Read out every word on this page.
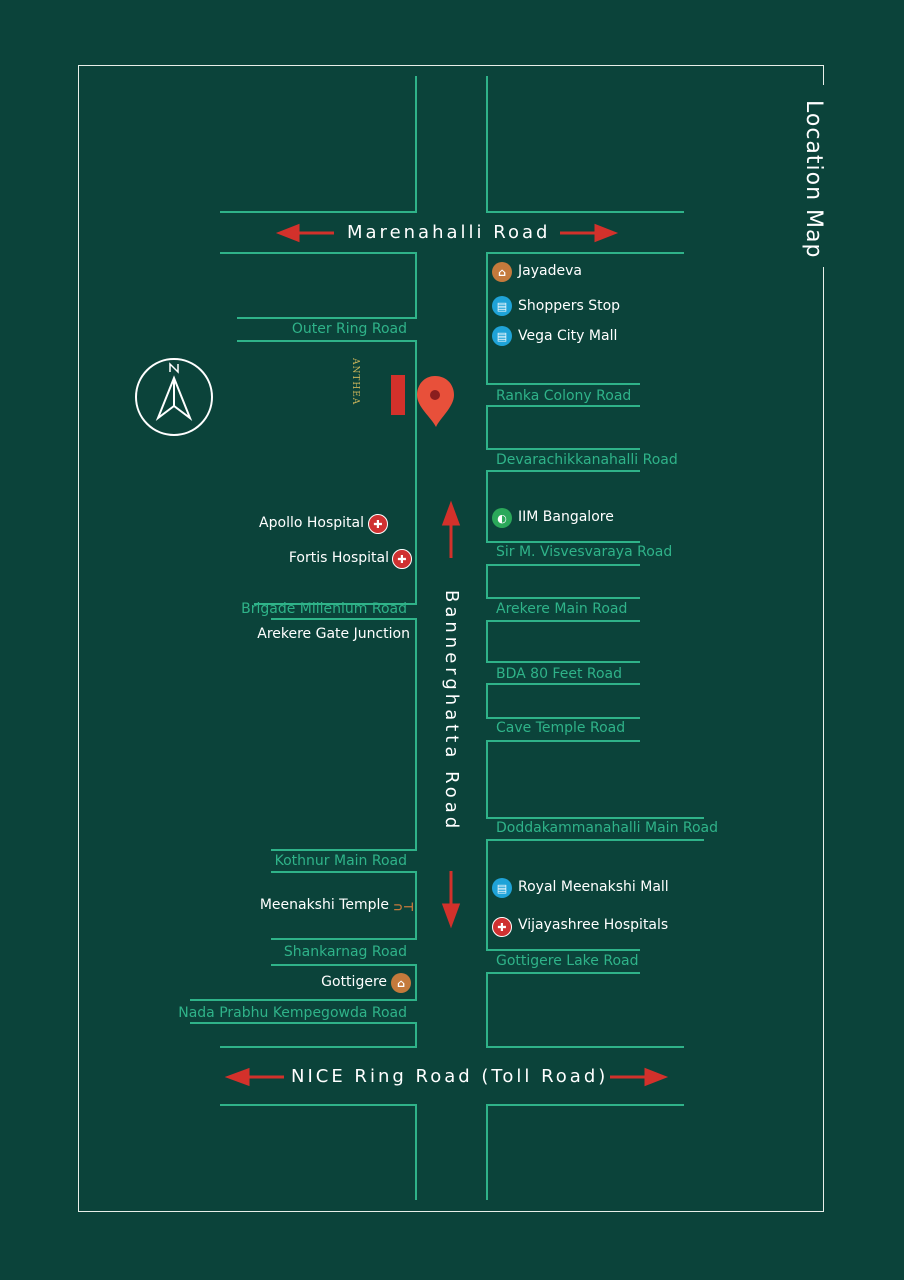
Location Map
ANTHEA
Marenahalli Road
NICE Ring Road (Toll Road)
Bannerghatta Road
Outer Ring Road
Brigade Millenium Road
Kothnur Main Road
Shankarnag Road
Nada Prabhu Kempegowda Road
Ranka Colony Road
Devarachikkanahalli Road
Sir M. Visvesvaraya Road
Arekere Main Road
BDA 80 Feet Road
Cave Temple Road
Doddakammanahalli Main Road
Gottigere Lake Road
⌂ Jayadeva
▤ Shoppers Stop
▤ Vega City Mall
◐ IIM Bangalore
▤ Royal Meenakshi Mall
✚ Vijayashree Hospitals
Apollo Hospital ✚
Fortis Hospital ✚
Arekere Gate Junction
Meenakshi Temple ⊃⊣
Gottigere ⌂
